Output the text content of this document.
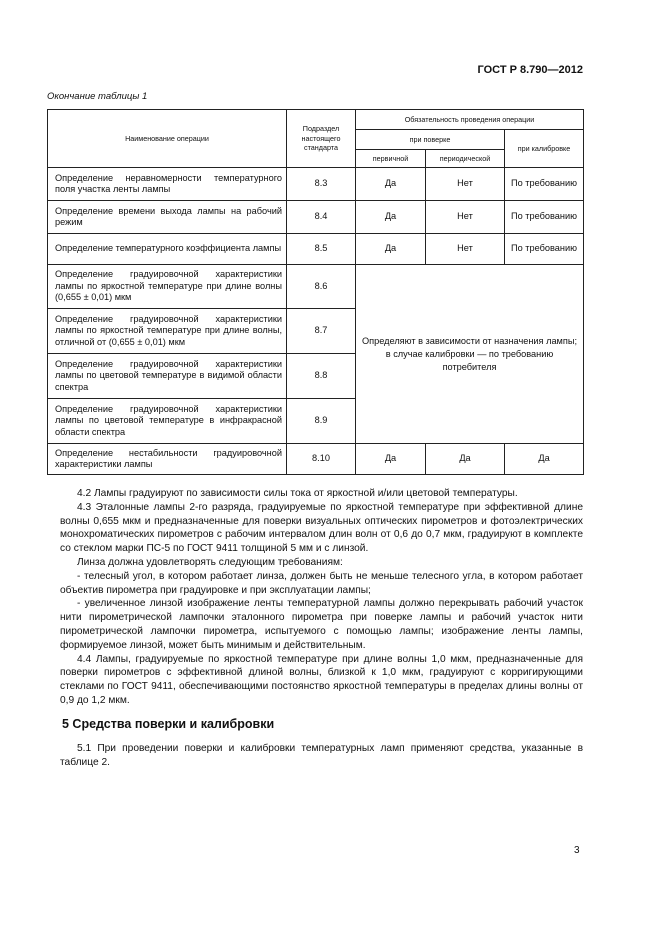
ГОСТ Р 8.790—2012
Окончание таблицы 1
Наименование операции	Подраздел настоящего стандарта	Обязательность проведения операции		
		при поверке		при калибровке
		первичной	периодической	
Определение неравномерности температурного поля участка ленты лампы	8.3	Да	Нет	По требованию
Определение времени выхода лампы на рабочий режим	8.4	Да	Нет	По требованию
Определение температурного коэффициента лампы	8.5	Да	Нет	По требованию
Определение градуировочной характеристики лампы по яркостной температуре при длине волны (0,655 ± 0,01) мкм	8.6	Определяют в зависимости от назначения лампы; в случае калибровки — по требованию потребителя		
Определение градуировочной характеристики лампы по яркостной температуре при длине волны, отличной от (0,655 ± 0,01) мкм	8.7			
Определение градуировочной характеристики лампы по цветовой температуре в видимой области спектра	8.8			
Определение градуировочной характеристики лампы по цветовой температуре в инфракрасной области спектра	8.9			
Определение нестабильности градуировочной характеристики лампы	8.10	Да	Да	Да

4.2 Лампы градуируют по зависимости силы тока от яркостной и/или цветовой температуры.

4.3 Эталонные лампы 2-го разряда, градуируемые по яркостной температуре при эффективной длине волны 0,655 мкм и предназначенные для поверки визуальных оптических пирометров и фотоэлектрических монохроматических пирометров с рабочим интервалом длин волн от 0,6 до 0,7 мкм, градуируют в комплекте со стеклом марки ПС-5 по ГОСТ 9411 толщиной 5 мм и с линзой.

Линза должна удовлетворять следующим требованиям:

- телесный угол, в котором работает линза, должен быть не меньше телесного угла, в котором работает объектив пирометра при градуировке и при эксплуатации лампы;

- увеличенное линзой изображение ленты температурной лампы должно перекрывать рабочий участок нити пирометрической лампочки эталонного пирометра при поверке лампы и рабочий участок нити пирометрической лампочки пирометра, испытуемого с помощью лампы; изображение ленты лампы, формируемое линзой, может быть минимым и действительным.

4.4 Лампы, градуируемые по яркостной температуре при длине волны 1,0 мкм, предназначенные для поверки пирометров с эффективной длиной волны, близкой к 1,0 мкм, градуируют с корригирующими стеклами по ГОСТ 9411, обеспечивающими постоянство яркостной температуры в пределах длины волны от 0,9 до 1,2 мкм.

5 Средства поверки и калибровки

5.1 При проведении поверки и калибровки температурных ламп применяют средства, указанные в таблице 2.

3
